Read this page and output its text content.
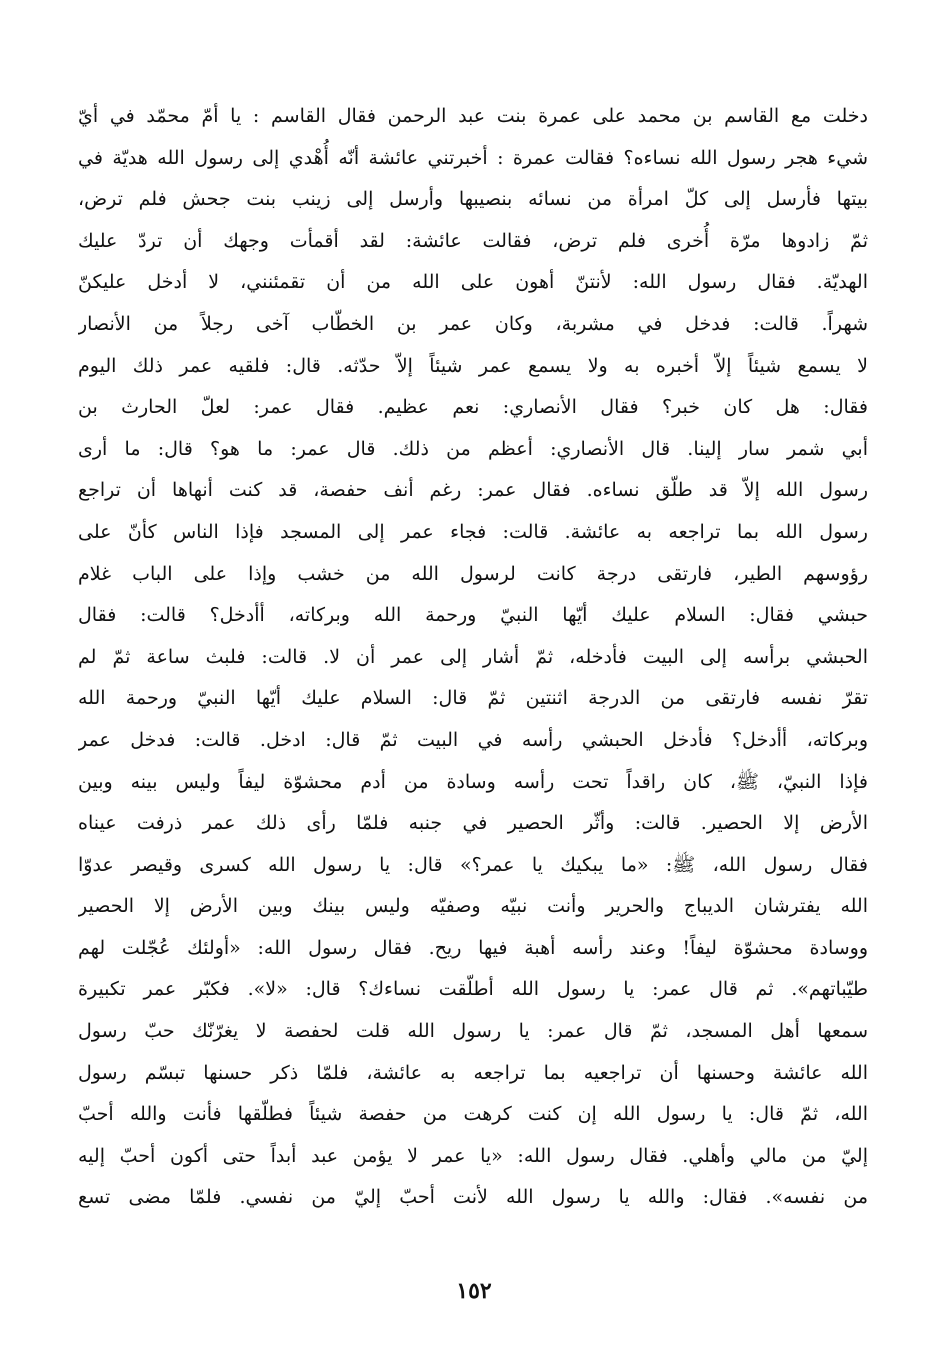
دخلت مع القاسم بن محمد على عمرة بنت عبد الرحمن فقال القاسم : يا أمّ محمّد في أيّ
شيء هجر رسول الله نساءه؟ فقالت عمرة : أخبرتني عائشة أنّه أُهْدي إلى رسول الله هديّة في
بيتها فأرسل إلى كلّ امرأة من نسائه بنصيبها وأرسل إلى زينب بنت جحش فلم ترض،
ثمّ زادوها مرّة أُخرى فلم ترض، فقالت عائشة: لقد أقمأت وجهك أن تردّ عليك
الهديّة. فقال رسول الله: لأنتنّ أهون على الله من أن تقمئنني، لا أدخل عليكنّ
شهراً. قالت: فدخل في مشربة، وكان عمر بن الخطّاب آخى رجلاً من الأنصار
لا يسمع شيئاً إلاّ أخبره به ولا يسمع عمر شيئاً إلاّ حدّثه. قال: فلقيه عمر ذلك اليوم
فقال: هل كان خبر؟ فقال الأنصاري: نعم عظيم. فقال عمر: لعلّ الحارث بن
أبي شمر سار إلينا. قال الأنصاري: أعظم من ذلك. قال عمر: ما هو؟ قال: ما أرى
رسول الله إلاّ قد طلّق نساءه. فقال عمر: رغم أنف حفصة، قد كنت أنهاها أن تراجع
رسول الله بما تراجعه به عائشة. قالت: فجاء عمر إلى المسجد فإذا الناس كأنّ على
رؤوسهم الطير، فارتقى درجة كانت لرسول الله من خشب وإذا على الباب غلام
حبشي فقال: السلام عليك أيّها النبيّ ورحمة الله وبركاته، أأدخل؟ قالت: فقال
الحبشي برأسه إلى البيت فأدخله، ثمّ أشار إلى عمر أن لا. قالت: فلبث ساعة ثمّ لم
تقرّ نفسه فارتقى من الدرجة اثنتين ثمّ قال: السلام عليك أيّها النبيّ ورحمة الله
وبركاته، أأدخل؟ فأدخل الحبشي رأسه في البيت ثمّ قال: ادخل. قالت: فدخل عمر
فإذا النبيّ، ﷺ، كان راقداً تحت رأسه وسادة من أدم محشوّة ليفاً وليس بينه وبين
الأرض إلا الحصير. قالت: وأثّر الحصير في جنبه فلمّا رأى ذلك عمر ذرفت عيناه
فقال رسول الله، ﷺ: «ما يبكيك يا عمر؟» قال: يا رسول الله كسرى وقيصر عدوّا
الله يفترشان الديباج والحرير وأنت نبيّه وصفيّه وليس بينك وبين الأرض إلا الحصير
ووسادة محشوّة ليفاً! وعند رأسه أهبة فيها ريح. فقال رسول الله: «أولئك عُجّلت لهم
طيّباتهم». ثم قال عمر: يا رسول الله أطلّقت نساءك؟ قال: «لا». فكبّر عمر تكبيرة
سمعها أهل المسجد، ثمّ قال عمر: يا رسول الله قلت لحفصة لا يغرّنّك حبّ رسول
الله عائشة وحسنها أن تراجعيه بما تراجعه به عائشة، فلمّا ذكر حسنها تبسّم رسول
الله، ثمّ قال: يا رسول الله إن كنت كرهت من حفصة شيئاً فطلّقها فأنت والله أحبّ
إليّ من مالي وأهلي. فقال رسول الله: «يا عمر لا يؤمن عبد أبداً حتى أكون أحبّ إليه
من نفسه». فقال: والله يا رسول الله لأنت أحبّ إليّ من نفسي. فلمّا مضى تسع
١٥٢
